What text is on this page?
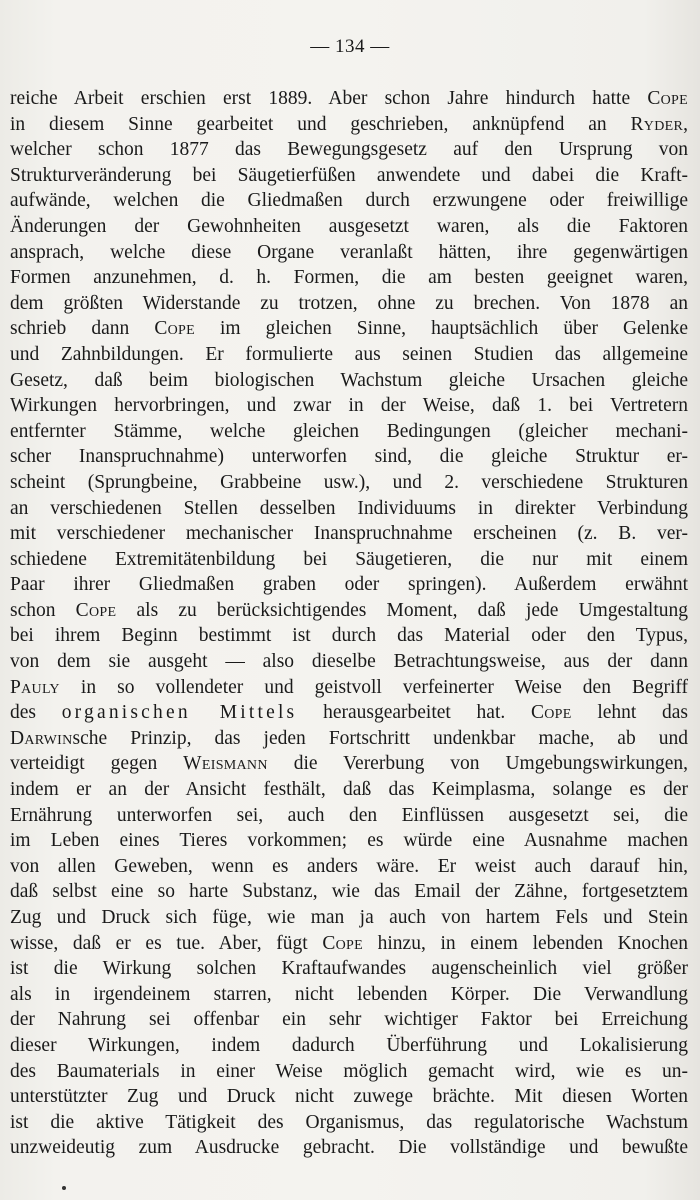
— 134 —
reiche Arbeit erschien erst 1889. Aber schon Jahre hindurch hatte Cope
in diesem Sinne gearbeitet und geschrieben, anknüpfend an Ryder,
welcher schon 1877 das Bewegungsgesetz auf den Ursprung von
Strukturveränderung bei Säugetierfüßen anwendete und dabei die Kraft-
aufwände, welchen die Gliedmaßen durch erzwungene oder freiwillige
Änderungen der Gewohnheiten ausgesetzt waren, als die Faktoren
ansprach, welche diese Organe veranlaßt hätten, ihre gegenwärtigen
Formen anzunehmen, d. h. Formen, die am besten geeignet waren,
dem größten Widerstande zu trotzen, ohne zu brechen. Von 1878 an
schrieb dann Cope im gleichen Sinne, hauptsächlich über Gelenke
und Zahnbildungen. Er formulierte aus seinen Studien das allgemeine
Gesetz, daß beim biologischen Wachstum gleiche Ursachen gleiche
Wirkungen hervorbringen, und zwar in der Weise, daß 1. bei Vertretern
entfernter Stämme, welche gleichen Bedingungen (gleicher mechani-
scher Inanspruchnahme) unterworfen sind, die gleiche Struktur er-
scheint (Sprungbeine, Grabbeine usw.), und 2. verschiedene Strukturen
an verschiedenen Stellen desselben Individuums in direkter Verbindung
mit verschiedener mechanischer Inanspruchnahme erscheinen (z. B. ver-
schiedene Extremitätenbildung bei Säugetieren, die nur mit einem
Paar ihrer Gliedmaßen graben oder springen). Außerdem erwähnt
schon Cope als zu berücksichtigendes Moment, daß jede Umgestaltung
bei ihrem Beginn bestimmt ist durch das Material oder den Typus,
von dem sie ausgeht — also dieselbe Betrachtungsweise, aus der dann
Pauly in so vollendeter und geistvoll verfeinerter Weise den Begriff
des organischen Mittels herausgearbeitet hat. Cope lehnt das
Darwinsche Prinzip, das jeden Fortschritt undenkbar mache, ab und
verteidigt gegen Weismann die Vererbung von Umgebungswirkungen,
indem er an der Ansicht festhält, daß das Keimplasma, solange es der
Ernährung unterworfen sei, auch den Einflüssen ausgesetzt sei, die
im Leben eines Tieres vorkommen; es würde eine Ausnahme machen
von allen Geweben, wenn es anders wäre. Er weist auch darauf hin,
daß selbst eine so harte Substanz, wie das Email der Zähne, fortgesetztem
Zug und Druck sich füge, wie man ja auch von hartem Fels und Stein
wisse, daß er es tue. Aber, fügt Cope hinzu, in einem lebenden Knochen
ist die Wirkung solchen Kraftaufwandes augenscheinlich viel größer
als in irgendeinem starren, nicht lebenden Körper. Die Verwandlung
der Nahrung sei offenbar ein sehr wichtiger Faktor bei Erreichung
dieser Wirkungen, indem dadurch Überführung und Lokalisierung
des Baumaterials in einer Weise möglich gemacht wird, wie es un-
unterstützter Zug und Druck nicht zuwege brächte. Mit diesen Worten
ist die aktive Tätigkeit des Organismus, das regulatorische Wachstum
unzweideutig zum Ausdrucke gebracht. Die vollständige und bewußte
